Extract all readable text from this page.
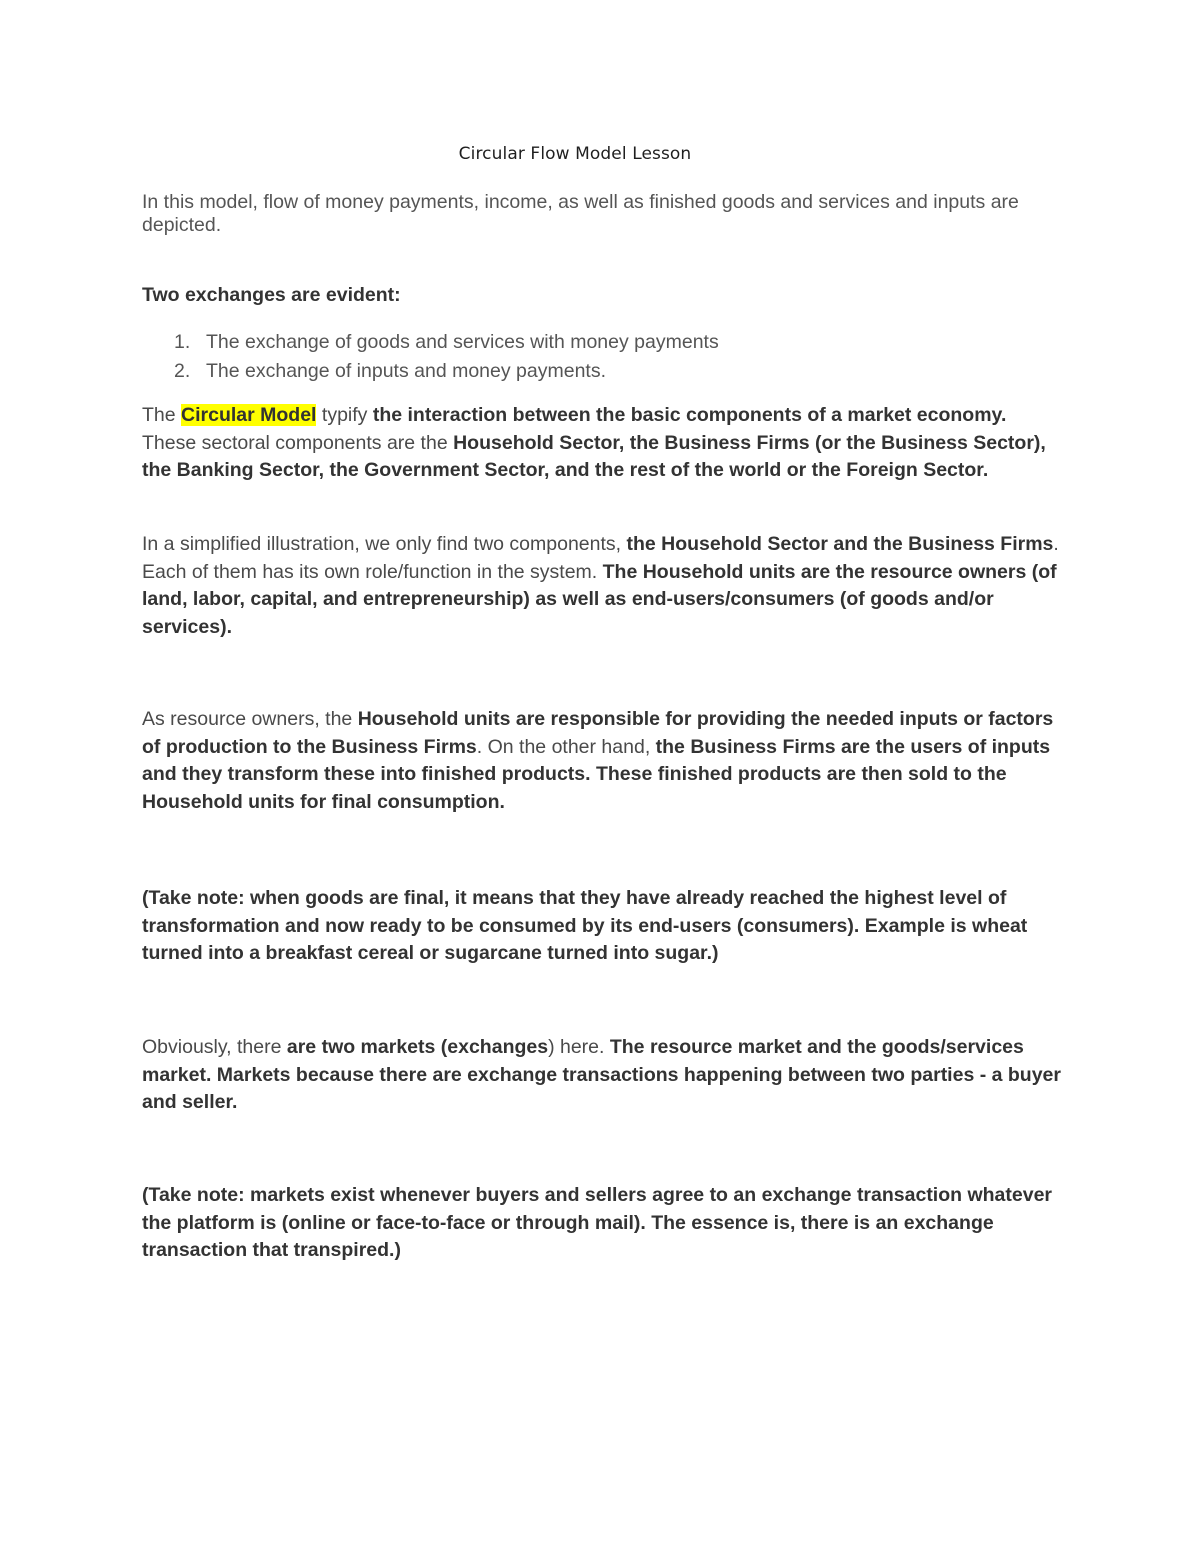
Circular Flow Model Lesson

In this model, flow of money payments, income, as well as finished goods and services and inputs are depicted.

Two exchanges are evident:

1. The exchange of goods and services with money payments
2. The exchange of inputs and money payments.

The Circular Model typify the interaction between the basic components of a market economy. These sectoral components are the Household Sector, the Business Firms (or the Business Sector), the Banking Sector, the Government Sector, and the rest of the world or the Foreign Sector.

In a simplified illustration, we only find two components, the Household Sector and the Business Firms. Each of them has its own role/function in the system. The Household units are the resource owners (of land, labor, capital, and entrepreneurship) as well as end-users/consumers (of goods and/or services).

As resource owners, the Household units are responsible for providing the needed inputs or factors of production to the Business Firms. On the other hand, the Business Firms are the users of inputs and they transform these into finished products. These finished products are then sold to the Household units for final consumption.

(Take note: when goods are final, it means that they have already reached the highest level of transformation and now ready to be consumed by its end-users (consumers). Example is wheat turned into a breakfast cereal or sugarcane turned into sugar.)

Obviously, there are two markets (exchanges) here. The resource market and the goods/services market. Markets because there are exchange transactions happening between two parties - a buyer and seller.

(Take note: markets exist whenever buyers and sellers agree to an exchange transaction whatever the platform is (online or face-to-face or through mail). The essence is, there is an exchange transaction that transpired.)
